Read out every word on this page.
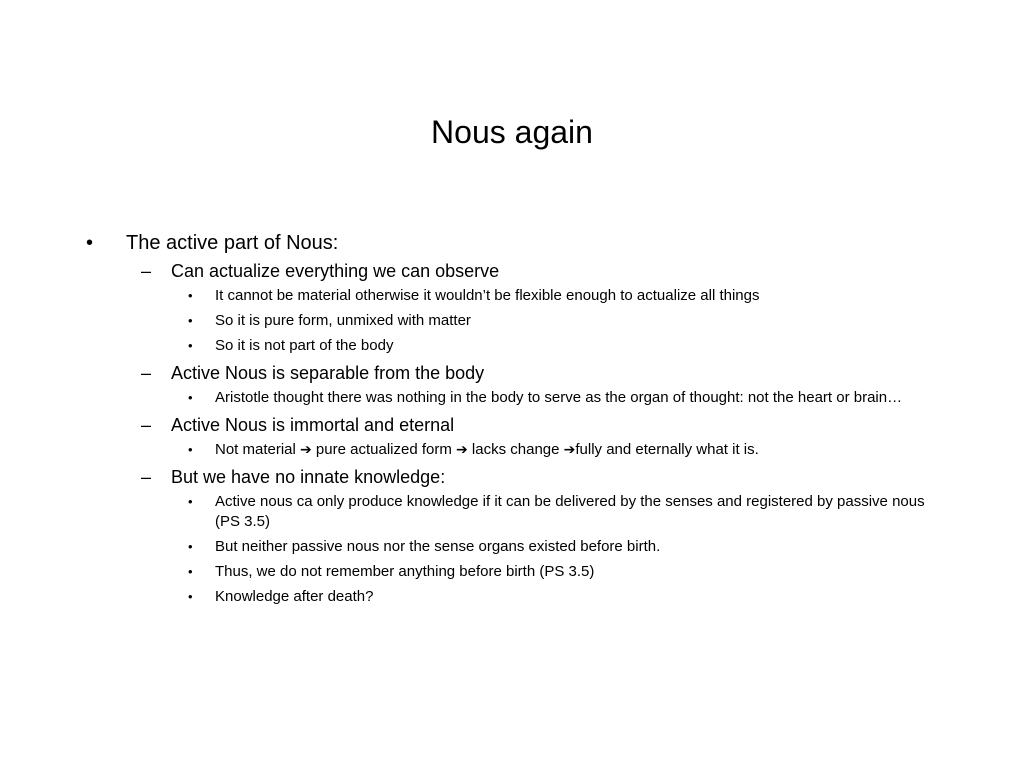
Nous again
• The active part of Nous:
– Can actualize everything we can observe
• It cannot be material otherwise it wouldn’t be flexible enough to actualize all things
• So it is pure form, unmixed with matter
• So it is not part of the body
– Active Nous is separable from the body
• Aristotle thought there was nothing in the body to serve as the organ of thought: not the heart or brain…
– Active Nous is immortal and eternal
• Not material ➔ pure actualized form ➔ lacks change ➔fully and eternally what it is.
– But we have no innate knowledge:
• Active nous ca only produce knowledge if it can be delivered by the senses and registered by passive nous (PS 3.5)
• But neither passive nous nor the sense organs existed before birth.
• Thus, we do not remember anything before birth (PS 3.5)
• Knowledge after death?
